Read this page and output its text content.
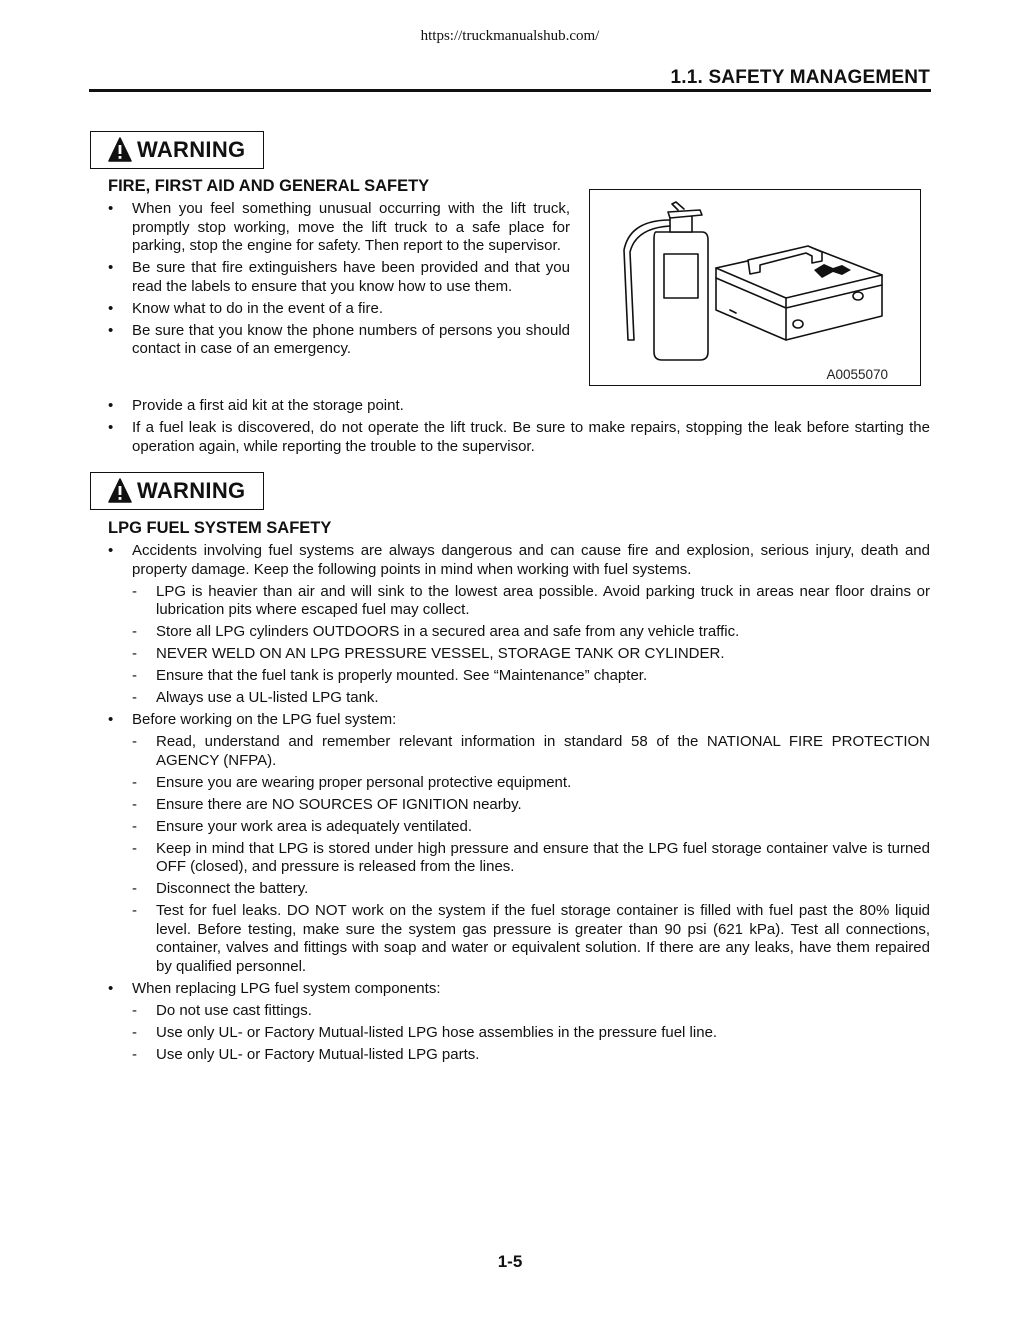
https://truckmanualshub.com/
1.1. SAFETY MANAGEMENT
WARNING
FIRE, FIRST AID AND GENERAL SAFETY
• When you feel something unusual occurring with the lift truck, promptly stop working, move the lift truck to a safe place for parking, stop the engine for safety. Then report to the supervisor.
• Be sure that fire extinguishers have been provided and that you read the labels to ensure that you know how to use them.
• Know what to do in the event of a fire.
• Be sure that you know the phone numbers of persons you should contact in case of an emergency.
• Provide a first aid kit at the storage point.
• If a fuel leak is discovered, do not operate the lift truck. Be sure to make repairs, stopping the leak before starting the operation again, while reporting the trouble to the supervisor.
A0055070
WARNING
LPG FUEL SYSTEM SAFETY
• Accidents involving fuel systems are always dangerous and can cause fire and explosion, serious injury, death and property damage. Keep the following points in mind when working with fuel systems.
- LPG is heavier than air and will sink to the lowest area possible. Avoid parking truck in areas near floor drains or lubrication pits where escaped fuel may collect.
- Store all LPG cylinders OUTDOORS in a secured area and safe from any vehicle traffic.
- NEVER WELD ON AN LPG PRESSURE VESSEL, STORAGE TANK OR CYLINDER.
- Ensure that the fuel tank is properly mounted. See “Maintenance” chapter.
- Always use a UL-listed LPG tank.
• Before working on the LPG fuel system:
- Read, understand and remember relevant information in standard 58 of the NATIONAL FIRE PROTECTION AGENCY (NFPA).
- Ensure you are wearing proper personal protective equipment.
- Ensure there are NO SOURCES OF IGNITION nearby.
- Ensure your work area is adequately ventilated.
- Keep in mind that LPG is stored under high pressure and ensure that the LPG fuel storage container valve is turned OFF (closed), and pressure is released from the lines.
- Disconnect the battery.
- Test for fuel leaks. DO NOT work on the system if the fuel storage container is filled with fuel past the 80% liquid level. Before testing, make sure the system gas pressure is greater than 90 psi (621 kPa). Test all connections, container, valves and fittings with soap and water or equivalent solution. If there are any leaks, have them repaired by qualified personnel.
• When replacing LPG fuel system components:
- Do not use cast fittings.
- Use only UL- or Factory Mutual-listed LPG hose assemblies in the pressure fuel line.
- Use only UL- or Factory Mutual-listed LPG parts.
1-5
